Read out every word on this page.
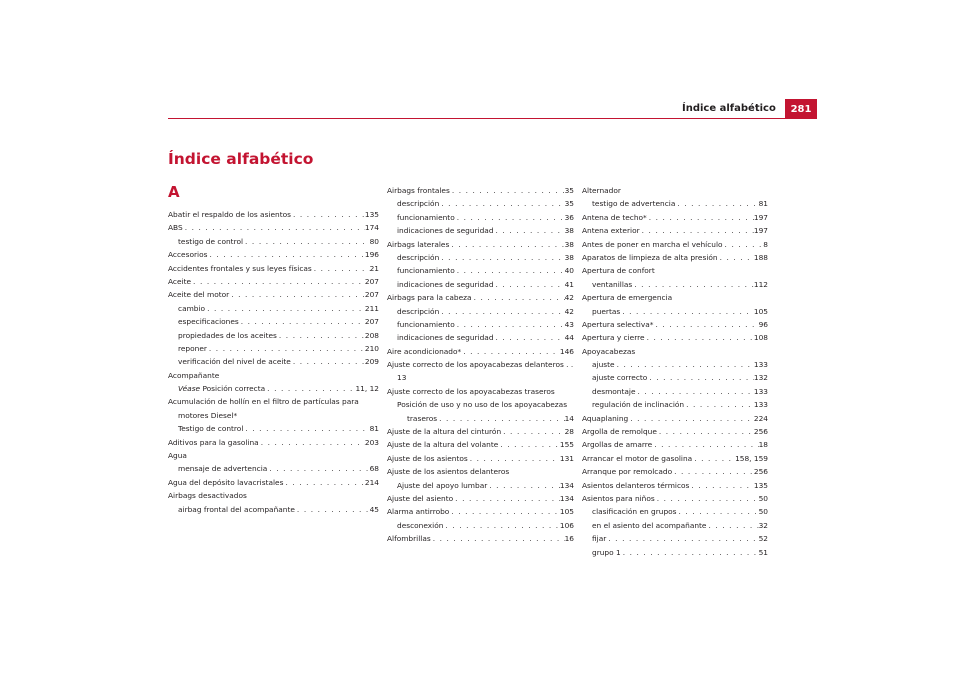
Índice alfabético	281
Índice alfabético
A
Abatir el respaldo de los asientos . . .	135
ABS . . .	174
testigo de control . . .	80
Accesorios . . .	196
Accidentes frontales y sus leyes físicas . . .	21
Aceite . . .	207
Aceite del motor . . .	207
cambio . . .	211
especificaciones . . .	207
propiedades de los aceites . . .	208
reponer . . .	210
verificación del nivel de aceite . . .	209
Acompañante
Véase Posición correcta . . .	11, 12
Acumulación de hollín en el filtro de partículas para
motores Diesel*
Testigo de control . . .	81
Aditivos para la gasolina . . .	203
Agua
mensaje de advertencia . . .	68
Agua del depósito lavacristales . . .	214
Airbags desactivados
airbag frontal del acompañante . . .	45
Airbags frontales . . .	35
descripción . . .	35
funcionamiento . . .	36
indicaciones de seguridad . . .	38
Airbags laterales . . .	38
descripción . . .	38
funcionamiento . . .	40
indicaciones de seguridad . . .	41
Airbags para la cabeza . . .	42
descripción . . .	42
funcionamiento . . .	43
indicaciones de seguridad . . .	44
Aire acondicionado* . . .	146
Ajuste correcto de los apoyacabezas delanteros . .
13
Ajuste correcto de los apoyacabezas traseros
Posición de uso y no uso de los apoyacabezas
traseros . . .	14
Ajuste de la altura del cinturón . . .	28
Ajuste de la altura del volante . . .	155
Ajuste de los asientos . . .	131
Ajuste de los asientos delanteros
Ajuste del apoyo lumbar . . .	134
Ajuste del asiento . . .	134
Alarma antirrobo . . .	105
desconexión . . .	106
Alfombrillas . . .	16
Alternador
testigo de advertencia . . .	81
Antena de techo* . . .	197
Antena exterior . . .	197
Antes de poner en marcha el vehículo . . .	8
Aparatos de limpieza de alta presión . . .	188
Apertura de confort
ventanillas . . .	112
Apertura de emergencia
puertas . . .	105
Apertura selectiva* . . .	96
Apertura y cierre . . .	108
Apoyacabezas
ajuste . . .	133
ajuste correcto . . .	132
desmontaje . . .	133
regulación de inclinación . . .	133
Aquaplaning . . .	224
Argolla de remolque . . .	256
Argollas de amarre . . .	18
Arrancar el motor de gasolina . . .	158, 159
Arranque por remolcado . . .	256
Asientos delanteros térmicos . . .	135
Asientos para niños . . .	50
clasificación en grupos . . .	50
en el asiento del acompañante . . .	32
fijar . . .	52
grupo 1 . . .	51
